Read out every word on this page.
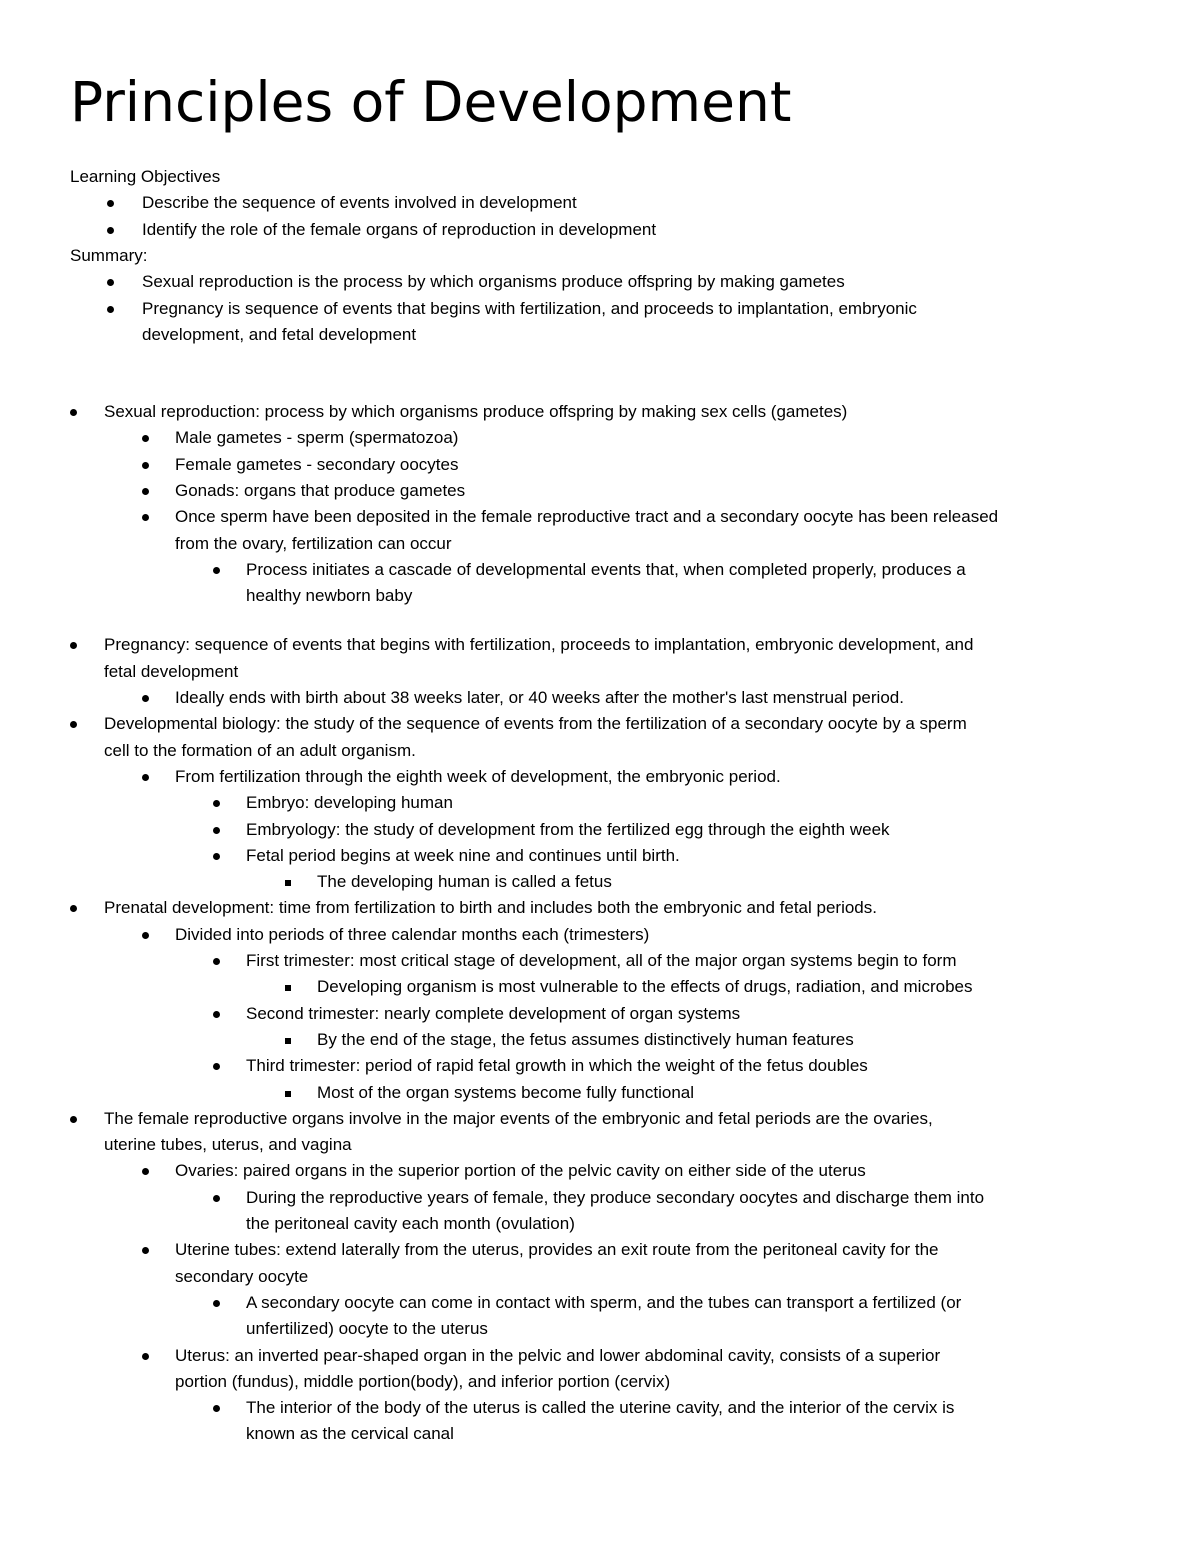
Principles of Development
Learning Objectives
Describe the sequence of events involved in development
Identify the role of the female organs of reproduction in development
Summary:
Sexual reproduction is the process by which organisms produce offspring by making gametes
Pregnancy is sequence of events that begins with fertilization, and proceeds to implantation, embryonic
development, and fetal development
Sexual reproduction: process by which organisms produce offspring by making sex cells (gametes)
Male gametes - sperm (spermatozoa)
Female gametes - secondary oocytes
Gonads: organs that produce gametes
Once sperm have been deposited in the female reproductive tract and a secondary oocyte has been released
from the ovary, fertilization can occur
Process initiates a cascade of developmental events that, when completed properly, produces a
healthy newborn baby
Pregnancy: sequence of events that begins with fertilization, proceeds to implantation, embryonic development, and
fetal development
Ideally ends with birth about 38 weeks later, or 40 weeks after the mother's last menstrual period.
Developmental biology: the study of the sequence of events from the fertilization of a secondary oocyte by a sperm
cell to the formation of an adult organism.
From fertilization through the eighth week of development, the embryonic period.
Embryo: developing human
Embryology: the study of development from the fertilized egg through the eighth week
Fetal period begins at week nine and continues until birth.
The developing human is called a fetus
Prenatal development: time from fertilization to birth and includes both the embryonic and fetal periods.
Divided into periods of three calendar months each (trimesters)
First trimester: most critical stage of development, all of the major organ systems begin to form
Developing organism is most vulnerable to the effects of drugs, radiation, and microbes
Second trimester: nearly complete development of organ systems
By the end of the stage, the fetus assumes distinctively human features
Third trimester: period of rapid fetal growth in which the weight of the fetus doubles
Most of the organ systems become fully functional
The female reproductive organs involve in the major events of the embryonic and fetal periods are the ovaries,
uterine tubes, uterus, and vagina
Ovaries: paired organs in the superior portion of the pelvic cavity on either side of the uterus
During the reproductive years of female, they produce secondary oocytes and discharge them into
the peritoneal cavity each month (ovulation)
Uterine tubes: extend laterally from the uterus, provides an exit route from the peritoneal cavity for the
secondary oocyte
A secondary oocyte can come in contact with sperm, and the tubes can transport a fertilized (or
unfertilized) oocyte to the uterus
Uterus: an inverted pear-shaped organ in the pelvic and lower abdominal cavity, consists of a superior
portion (fundus), middle portion(body), and inferior portion (cervix)
The interior of the body of the uterus is called the uterine cavity, and the interior of the cervix is
known as the cervical canal
